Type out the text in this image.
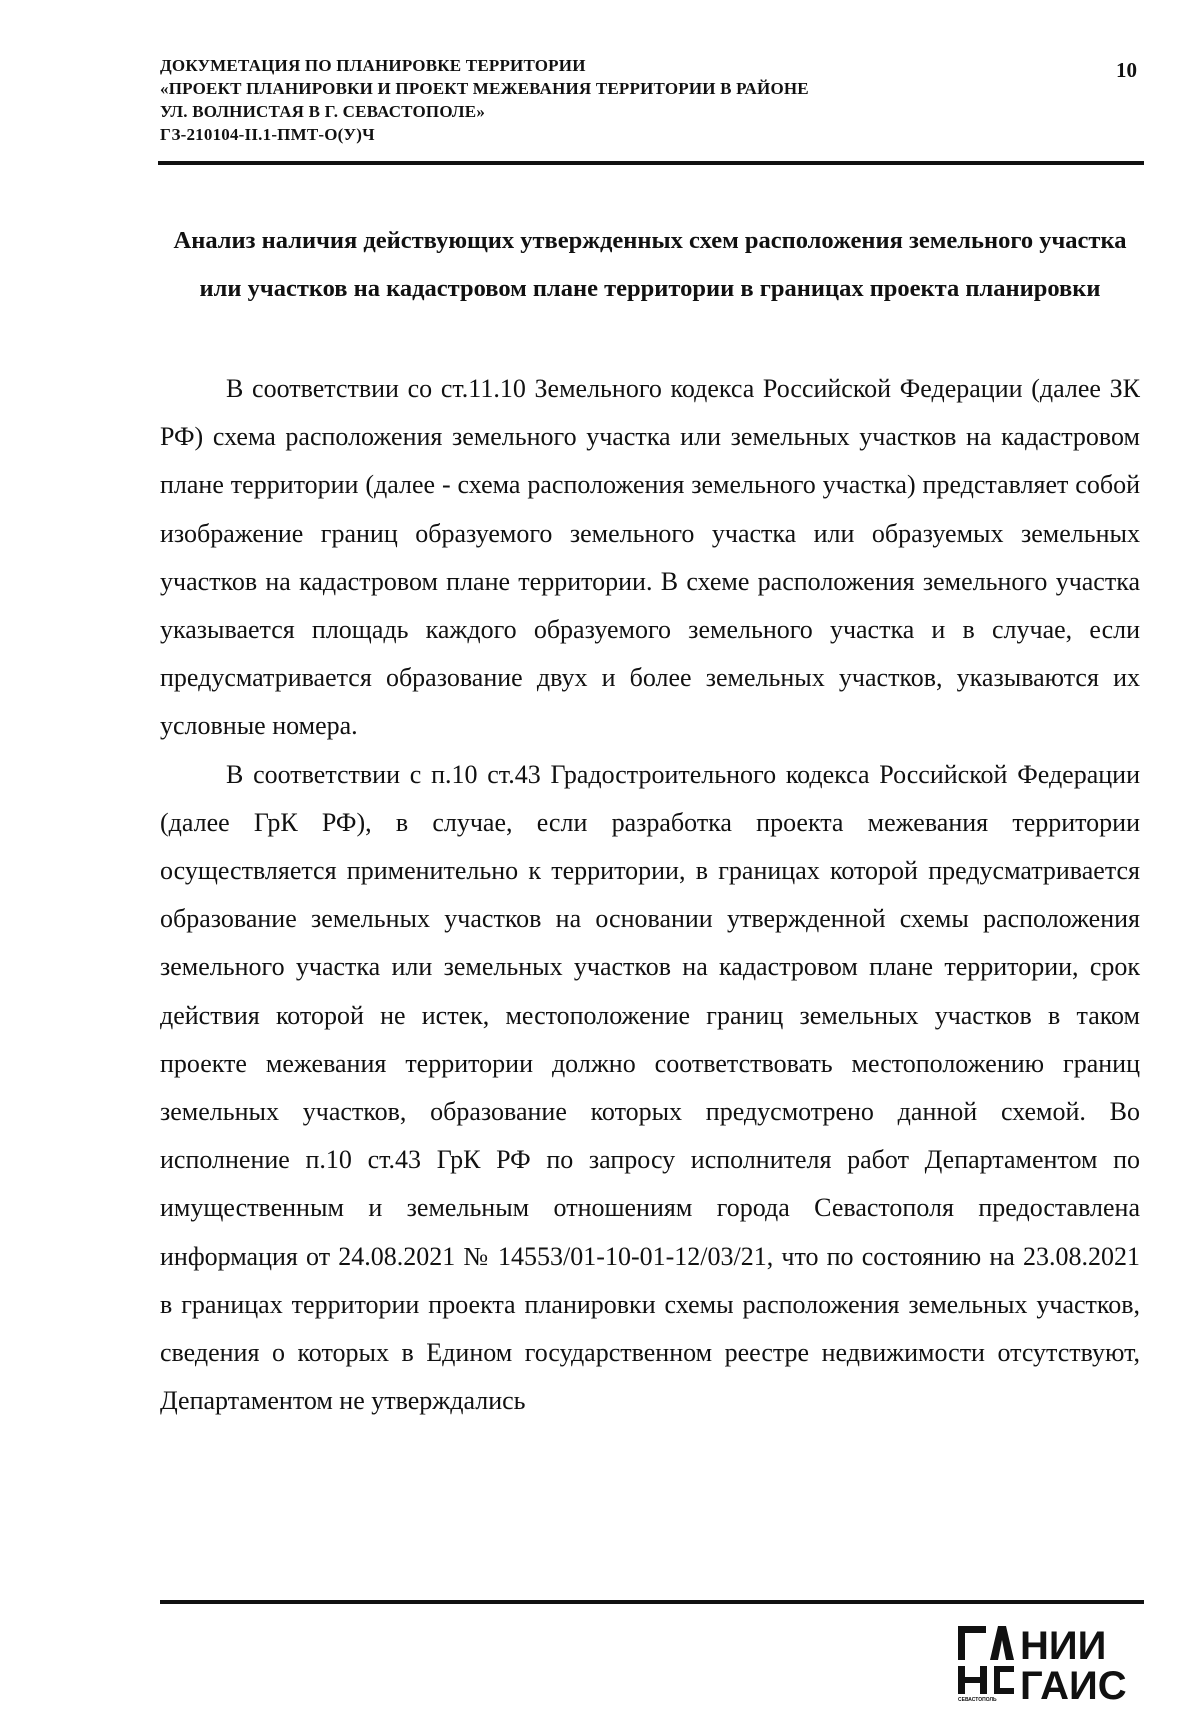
ДОКУМЕТАЦИЯ ПО ПЛАНИРОВКЕ ТЕРРИТОРИИ
«ПРОЕКТ ПЛАНИРОВКИ И ПРОЕКТ МЕЖЕВАНИЯ ТЕРРИТОРИИ В РАЙОНЕ
УЛ. ВОЛНИСТАЯ В Г. СЕВАСТОПОЛЕ»
ГЗ-210104-II.1-ПМТ-О(У)Ч
10
Анализ наличия действующих утвержденных схем расположения земельного участка или участков на кадастровом плане территории в границах проекта планировки

В соответствии со ст.11.10 Земельного кодекса Российской Федерации (далее ЗК РФ) схема расположения земельного участка или земельных участков на кадастровом плане территории (далее - схема расположения земельного участка) представляет собой изображение границ образуемого земельного участка или образуемых земельных участков на кадастровом плане территории. В схеме расположения земельного участка указывается площадь каждого образуемого земельного участка и в случае, если предусматривается образование двух и более земельных участков, указываются их условные номера.

В соответствии с п.10 ст.43 Градостроительного кодекса Российской Федерации (далее ГрК РФ), в случае, если разработка проекта межевания территории осуществляется применительно к территории, в границах которой предусматривается образование земельных участков на основании утвержденной схемы расположения земельного участка или земельных участков на кадастровом плане территории, срок действия которой не истек, местоположение границ земельных участков в таком проекте межевания территории должно соответствовать местоположению границ земельных участков, образование которых предусмотрено данной схемой. Во исполнение п.10 ст.43 ГрК РФ по запросу исполнителя работ Департаментом по имущественным и земельным отношениям города Севастополя предоставлена информация от 24.08.2021 № 14553/01-10-01-12/03/21, что по состоянию на 23.08.2021 в границах территории проекта планировки схемы расположения земельных участков, сведения о которых в Едином государственном реестре недвижимости отсутствуют, Департаментом не утверждались

СЕВАСТОПОЛЬ
НИИ
ГАИС
